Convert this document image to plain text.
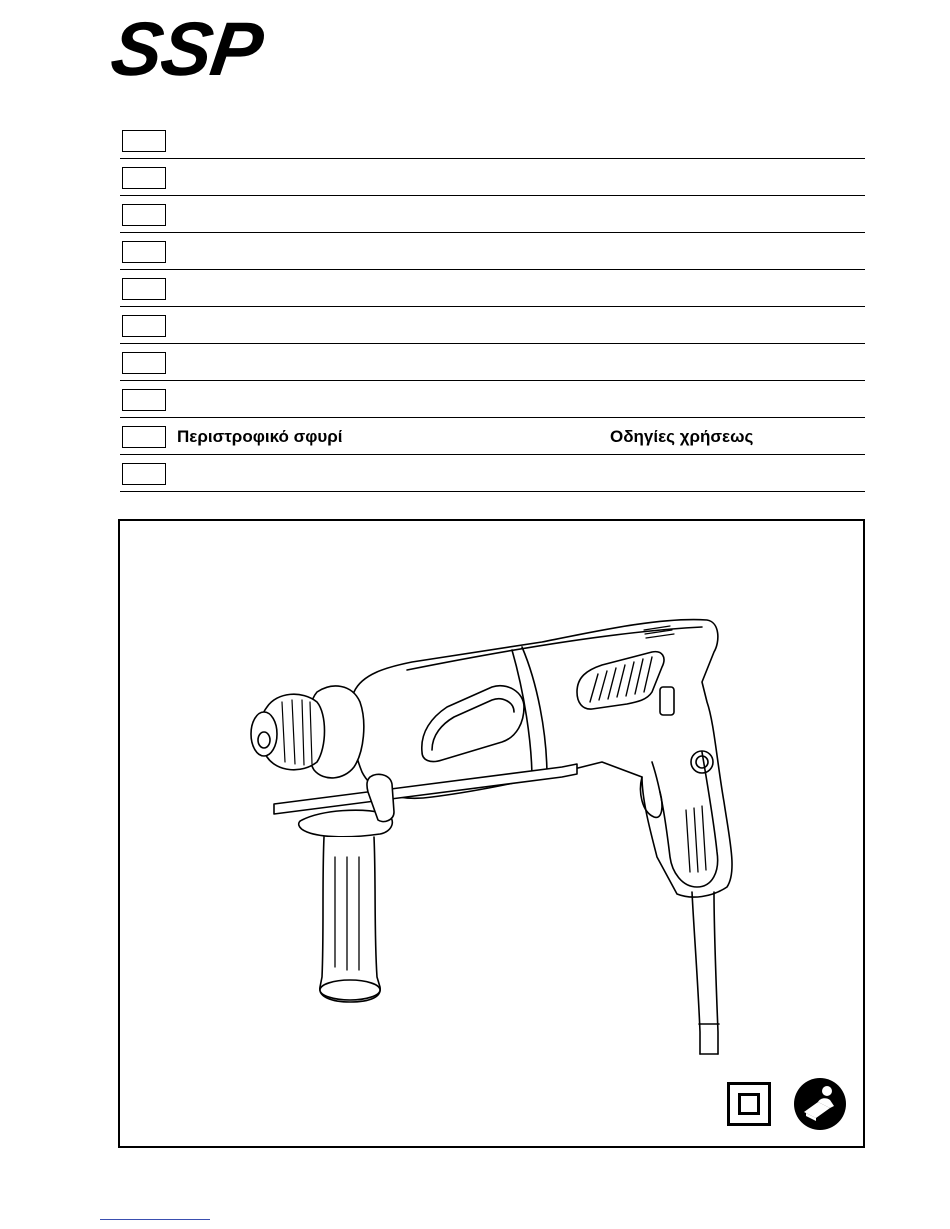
SSP
Περιστροφικό σφυρί	Οδηγίες χρήσεως
